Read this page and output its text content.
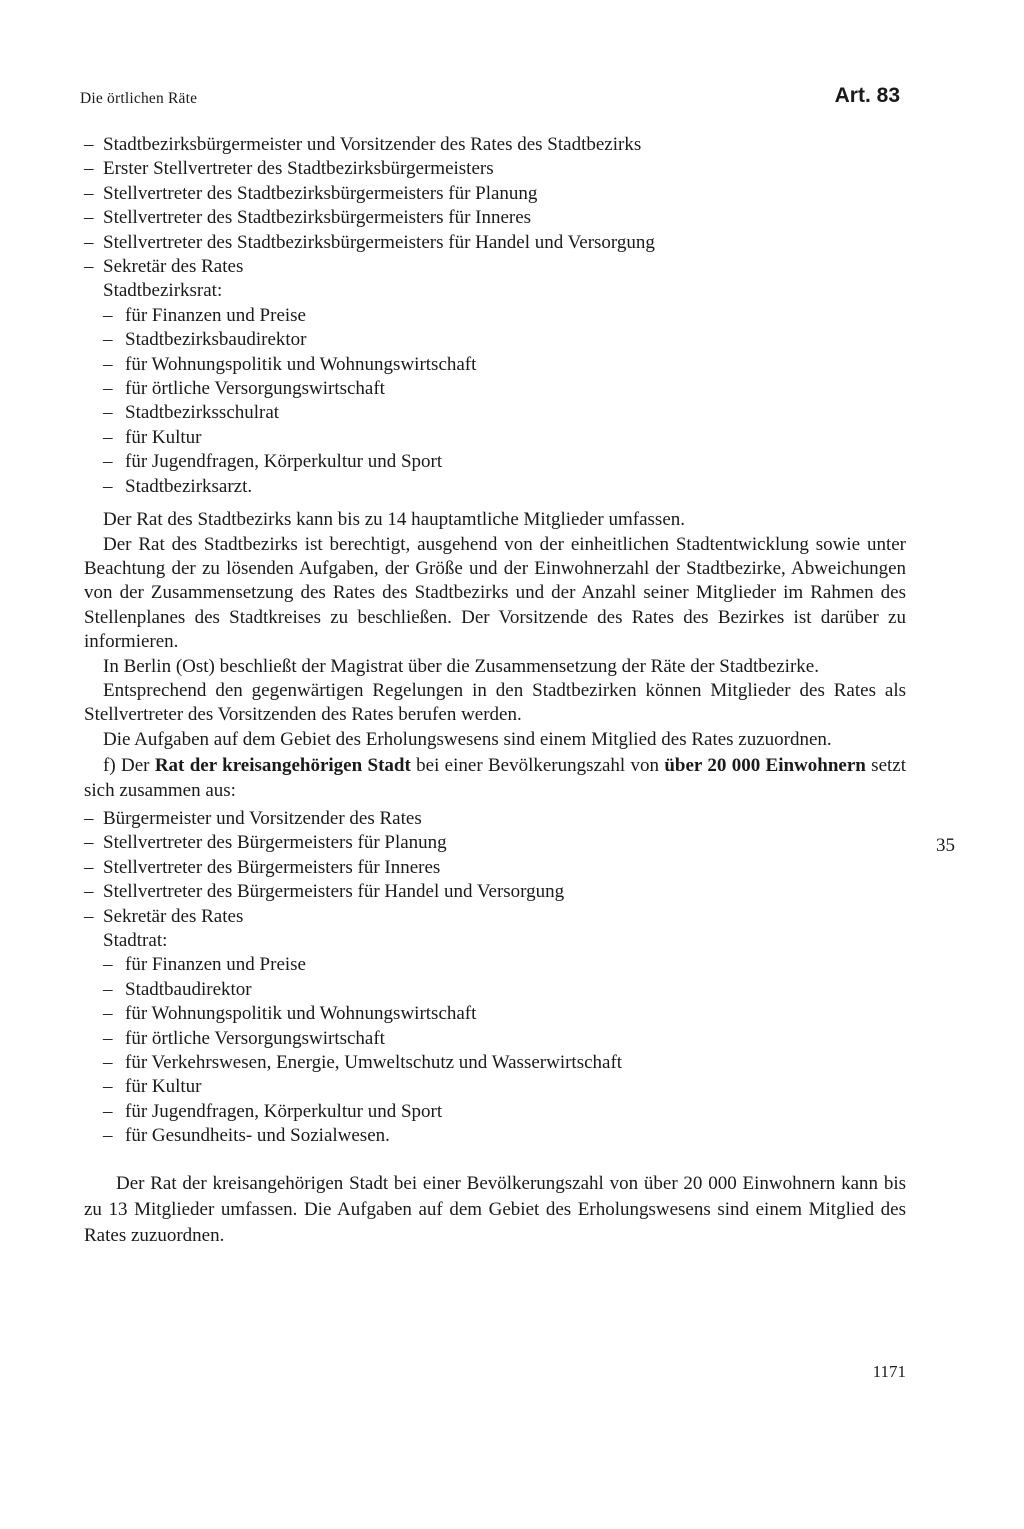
Die örtlichen Räte	Art. 83
– Stadtbezirksbürgermeister und Vorsitzender des Rates des Stadtbezirks
– Erster Stellvertreter des Stadtbezirksbürgermeisters
– Stellvertreter des Stadtbezirksbürgermeisters für Planung
– Stellvertreter des Stadtbezirksbürgermeisters für Inneres
– Stellvertreter des Stadtbezirksbürgermeisters für Handel und Versorgung
– Sekretär des Rates
Stadtbezirksrat:
– für Finanzen und Preise
– Stadtbezirksbaudirektor
– für Wohnungspolitik und Wohnungswirtschaft
– für örtliche Versorgungswirtschaft
– Stadtbezirksschulrat
– für Kultur
– für Jugendfragen, Körperkultur und Sport
– Stadtbezirksarzt.
Der Rat des Stadtbezirks kann bis zu 14 hauptamtliche Mitglieder umfassen.
Der Rat des Stadtbezirks ist berechtigt, ausgehend von der einheitlichen Stadtentwicklung sowie unter Beachtung der zu lösenden Aufgaben, der Größe und der Einwohnerzahl der Stadtbezirke, Abweichungen von der Zusammensetzung des Rates des Stadtbezirks und der Anzahl seiner Mitglieder im Rahmen des Stellenplanes des Stadtkreises zu beschließen. Der Vorsitzende des Rates des Bezirkes ist darüber zu informieren.
In Berlin (Ost) beschließt der Magistrat über die Zusammensetzung der Räte der Stadtbezirke.
Entsprechend den gegenwärtigen Regelungen in den Stadtbezirken können Mitglieder des Rates als Stellvertreter des Vorsitzenden des Rates berufen werden.
Die Aufgaben auf dem Gebiet des Erholungswesens sind einem Mitglied des Rates zuzuordnen.
f) Der Rat der kreisangehörigen Stadt bei einer Bevölkerungszahl von über 20 000 Einwohnern setzt sich zusammen aus:
– Bürgermeister und Vorsitzender des Rates
– Stellvertreter des Bürgermeisters für Planung
– Stellvertreter des Bürgermeisters für Inneres
– Stellvertreter des Bürgermeisters für Handel und Versorgung
– Sekretär des Rates
Stadtrat:
– für Finanzen und Preise
– Stadtbaudirektor
– für Wohnungspolitik und Wohnungswirtschaft
– für örtliche Versorgungswirtschaft
– für Verkehrswesen, Energie, Umweltschutz und Wasserwirtschaft
– für Kultur
– für Jugendfragen, Körperkultur und Sport
– für Gesundheits- und Sozialwesen.
Der Rat der kreisangehörigen Stadt bei einer Bevölkerungszahl von über 20 000 Einwohnern kann bis zu 13 Mitglieder umfassen. Die Aufgaben auf dem Gebiet des Erholungswesens sind einem Mitglied des Rates zuzuordnen.
35
1171
